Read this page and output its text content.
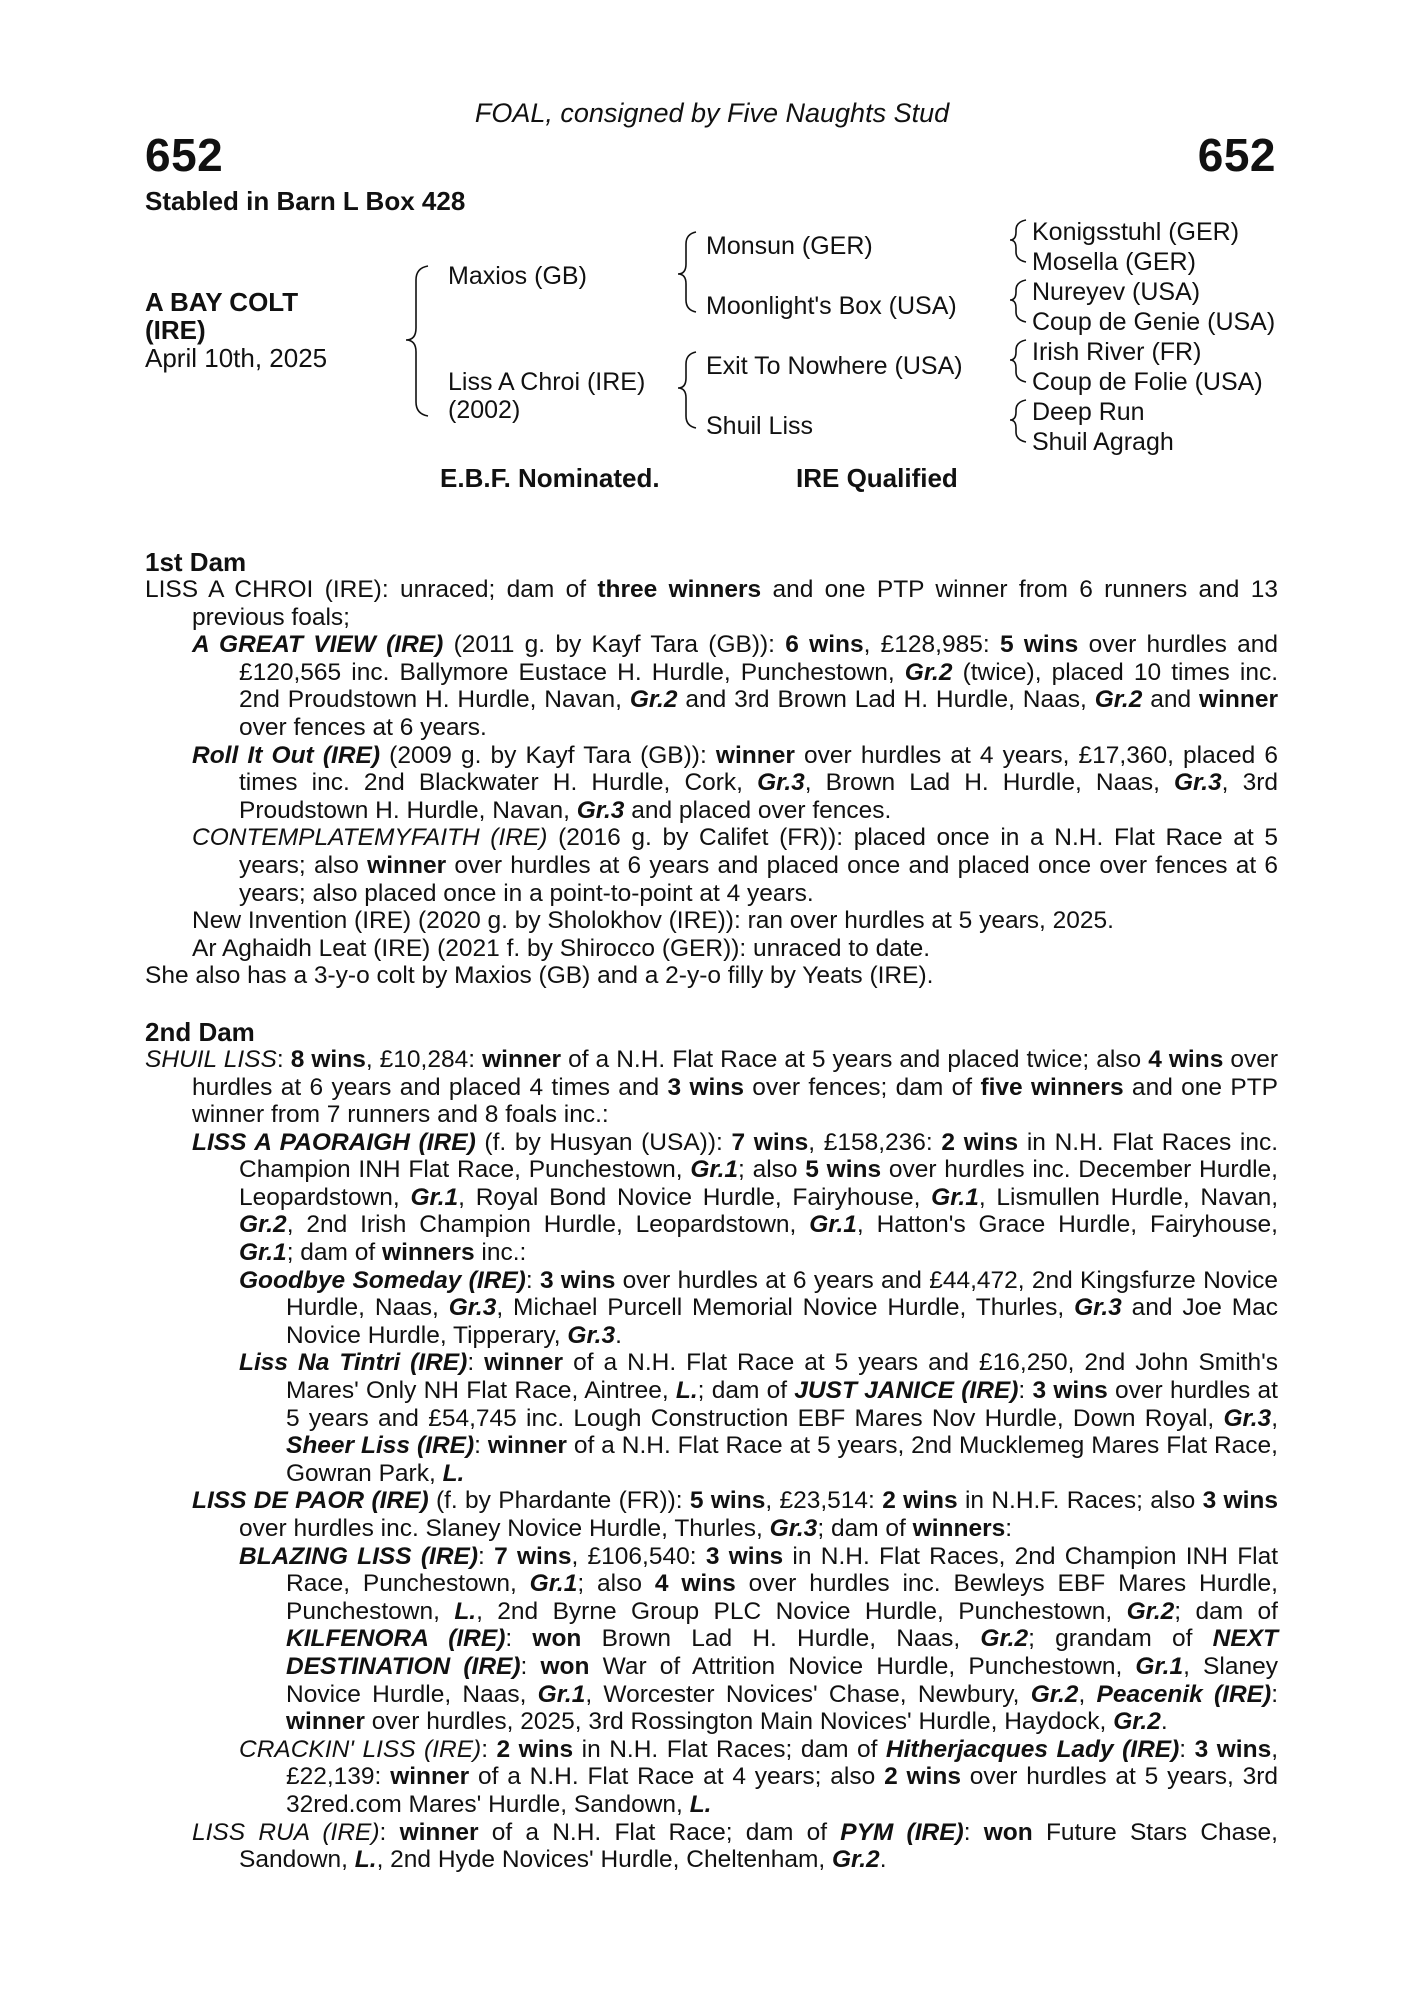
FOAL, consigned by Five Naughts Stud
652	652
Stabled in Barn L Box 428
A BAY COLT
(IRE)
April 10th, 2025
Maxios (GB)
Liss A Chroi (IRE)
(2002)
Monsun (GER)
Moonlight's Box (USA)
Exit To Nowhere (USA)
Shuil Liss
Konigsstuhl (GER)
Mosella (GER)
Nureyev (USA)
Coup de Genie (USA)
Irish River (FR)
Coup de Folie (USA)
Deep Run
Shuil Agragh
E.B.F. Nominated.	IRE Qualified
1st Dam
LISS A CHROI (IRE): unraced; dam of three winners and one PTP winner from 6 runners and 13 previous foals;
A GREAT VIEW (IRE) (2011 g. by Kayf Tara (GB)): 6 wins, £128,985: 5 wins over hurdles and £120,565 inc. Ballymore Eustace H. Hurdle, Punchestown, Gr.2 (twice), placed 10 times inc. 2nd Proudstown H. Hurdle, Navan, Gr.2 and 3rd Brown Lad H. Hurdle, Naas, Gr.2 and winner over fences at 6 years.
Roll It Out (IRE) (2009 g. by Kayf Tara (GB)): winner over hurdles at 4 years, £17,360, placed 6 times inc. 2nd Blackwater H. Hurdle, Cork, Gr.3, Brown Lad H. Hurdle, Naas, Gr.3, 3rd Proudstown H. Hurdle, Navan, Gr.3 and placed over fences.
CONTEMPLATEMYFAITH (IRE) (2016 g. by Califet (FR)): placed once in a N.H. Flat Race at 5 years; also winner over hurdles at 6 years and placed once and placed once over fences at 6 years; also placed once in a point-to-point at 4 years.
New Invention (IRE) (2020 g. by Sholokhov (IRE)): ran over hurdles at 5 years, 2025.
Ar Aghaidh Leat (IRE) (2021 f. by Shirocco (GER)): unraced to date.
She also has a 3-y-o colt by Maxios (GB) and a 2-y-o filly by Yeats (IRE).
2nd Dam
SHUIL LISS: 8 wins, £10,284: winner of a N.H. Flat Race at 5 years and placed twice; also 4 wins over hurdles at 6 years and placed 4 times and 3 wins over fences; dam of five winners and one PTP winner from 7 runners and 8 foals inc.:
LISS A PAORAIGH (IRE) (f. by Husyan (USA)): 7 wins, £158,236: 2 wins in N.H. Flat Races inc. Champion INH Flat Race, Punchestown, Gr.1; also 5 wins over hurdles inc. December Hurdle, Leopardstown, Gr.1, Royal Bond Novice Hurdle, Fairyhouse, Gr.1, Lismullen Hurdle, Navan, Gr.2, 2nd Irish Champion Hurdle, Leopardstown, Gr.1, Hatton's Grace Hurdle, Fairyhouse, Gr.1; dam of winners inc.:
Goodbye Someday (IRE): 3 wins over hurdles at 6 years and £44,472, 2nd Kingsfurze Novice Hurdle, Naas, Gr.3, Michael Purcell Memorial Novice Hurdle, Thurles, Gr.3 and Joe Mac Novice Hurdle, Tipperary, Gr.3.
Liss Na Tintri (IRE): winner of a N.H. Flat Race at 5 years and £16,250, 2nd John Smith's Mares' Only NH Flat Race, Aintree, L.; dam of JUST JANICE (IRE): 3 wins over hurdles at 5 years and £54,745 inc. Lough Construction EBF Mares Nov Hurdle, Down Royal, Gr.3, Sheer Liss (IRE): winner of a N.H. Flat Race at 5 years, 2nd Mucklemeg Mares Flat Race, Gowran Park, L.
LISS DE PAOR (IRE) (f. by Phardante (FR)): 5 wins, £23,514: 2 wins in N.H.F. Races; also 3 wins over hurdles inc. Slaney Novice Hurdle, Thurles, Gr.3; dam of winners:
BLAZING LISS (IRE): 7 wins, £106,540: 3 wins in N.H. Flat Races, 2nd Champion INH Flat Race, Punchestown, Gr.1; also 4 wins over hurdles inc. Bewleys EBF Mares Hurdle, Punchestown, L., 2nd Byrne Group PLC Novice Hurdle, Punchestown, Gr.2; dam of KILFENORA (IRE): won Brown Lad H. Hurdle, Naas, Gr.2; grandam of NEXT DESTINATION (IRE): won War of Attrition Novice Hurdle, Punchestown, Gr.1, Slaney Novice Hurdle, Naas, Gr.1, Worcester Novices' Chase, Newbury, Gr.2, Peacenik (IRE): winner over hurdles, 2025, 3rd Rossington Main Novices' Hurdle, Haydock, Gr.2.
CRACKIN' LISS (IRE): 2 wins in N.H. Flat Races; dam of Hitherjacques Lady (IRE): 3 wins, £22,139: winner of a N.H. Flat Race at 4 years; also 2 wins over hurdles at 5 years, 3rd 32red.com Mares' Hurdle, Sandown, L.
LISS RUA (IRE): winner of a N.H. Flat Race; dam of PYM (IRE): won Future Stars Chase, Sandown, L., 2nd Hyde Novices' Hurdle, Cheltenham, Gr.2.
